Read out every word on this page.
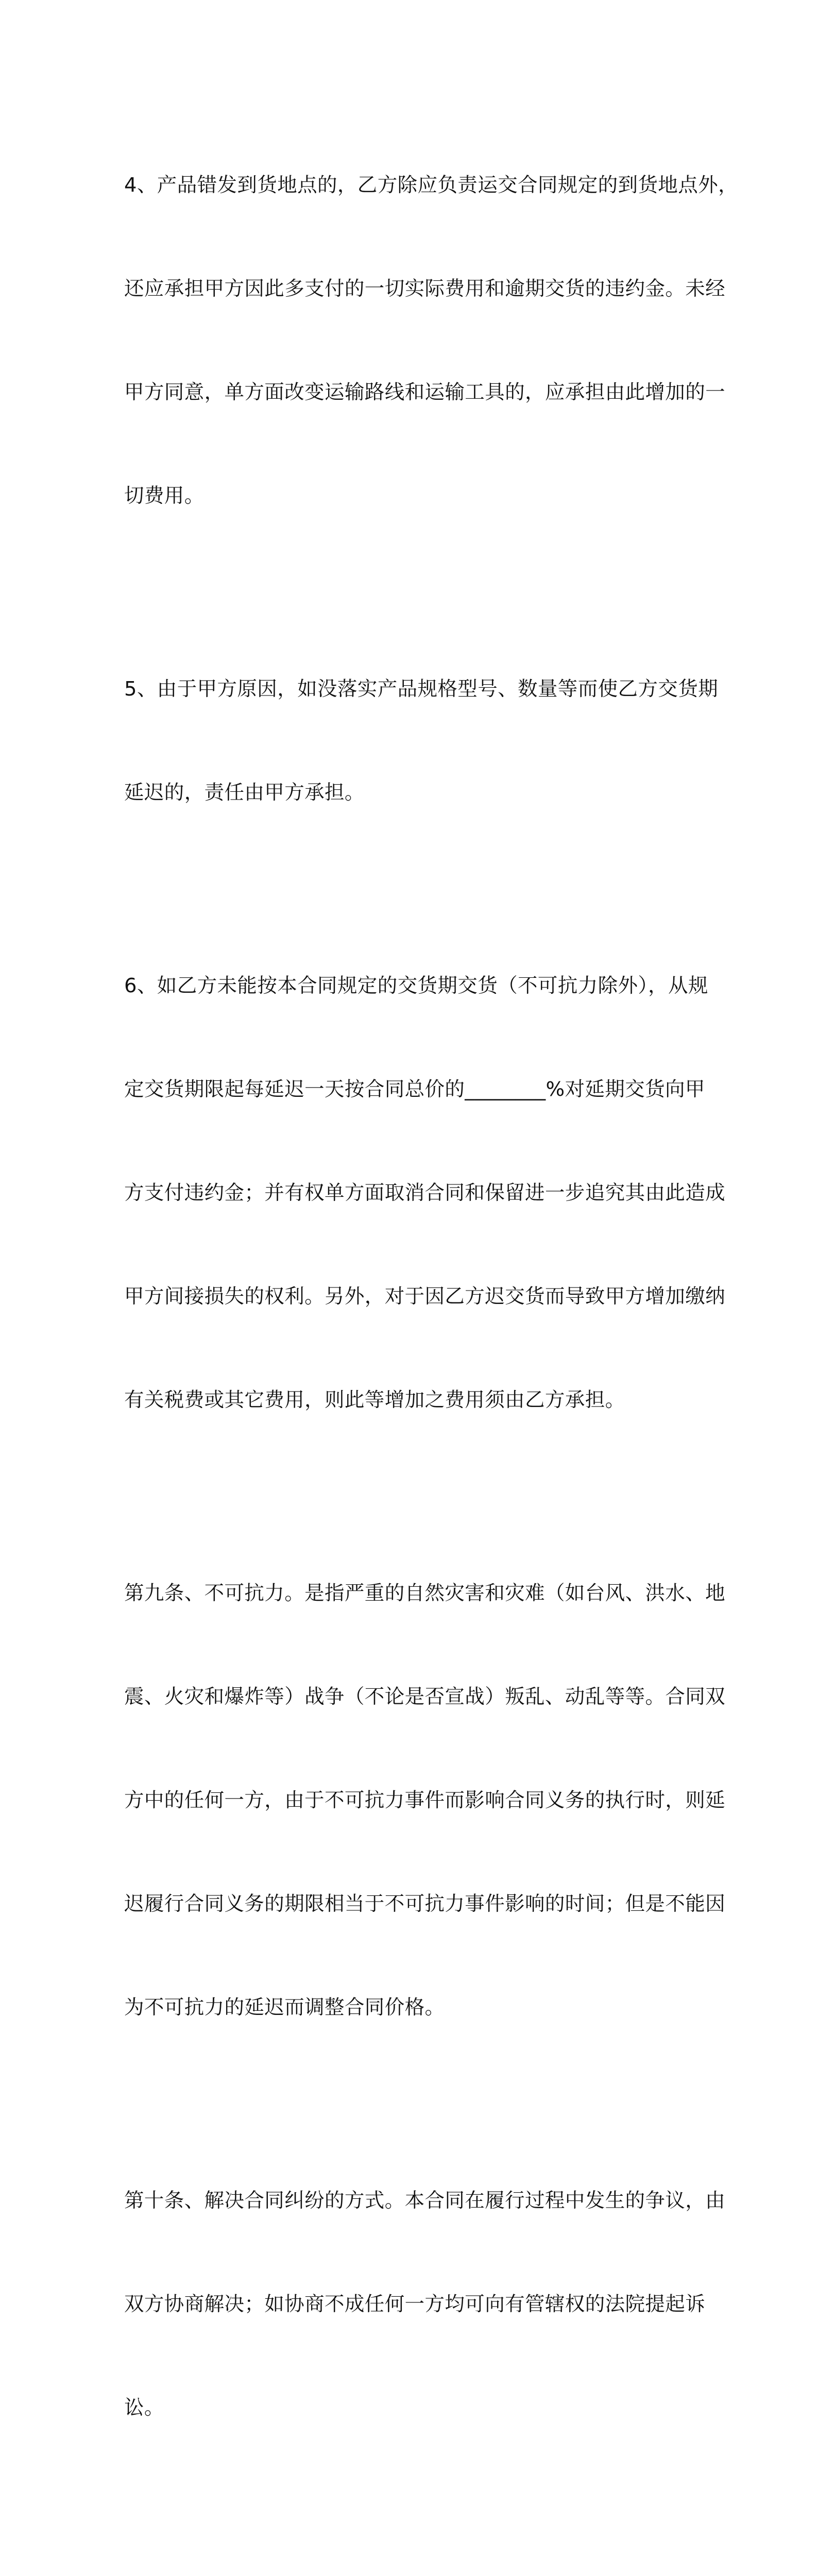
4、产品错发到货地点的，乙方除应负责运交合同规定的到货地点外，

还应承担甲方因此多支付的一切实际费用和逾期交货的违约金。未经

甲方同意，单方面改变运输路线和运输工具的，应承担由此增加的一

切费用。

5、由于甲方原因，如没落实产品规格型号、数量等而使乙方交货期

延迟的，责任由甲方承担。

6、如乙方未能按本合同规定的交货期交货（不可抗力除外），从规

定交货期限起每延迟一天按合同总价的________%对延期交货向甲

方支付违约金；并有权单方面取消合同和保留进一步追究其由此造成

甲方间接损失的权利。另外，对于因乙方迟交货而导致甲方增加缴纳

有关税费或其它费用，则此等增加之费用须由乙方承担。

第九条、不可抗力。是指严重的自然灾害和灾难（如台风、洪水、地

震、火灾和爆炸等）战争（不论是否宣战）叛乱、动乱等等。合同双

方中的任何一方，由于不可抗力事件而影响合同义务的执行时，则延

迟履行合同义务的期限相当于不可抗力事件影响的时间；但是不能因

为不可抗力的延迟而调整合同价格。

第十条、解决合同纠纷的方式。本合同在履行过程中发生的争议，由

双方协商解决；如协商不成任何一方均可向有管辖权的法院提起诉

讼。
